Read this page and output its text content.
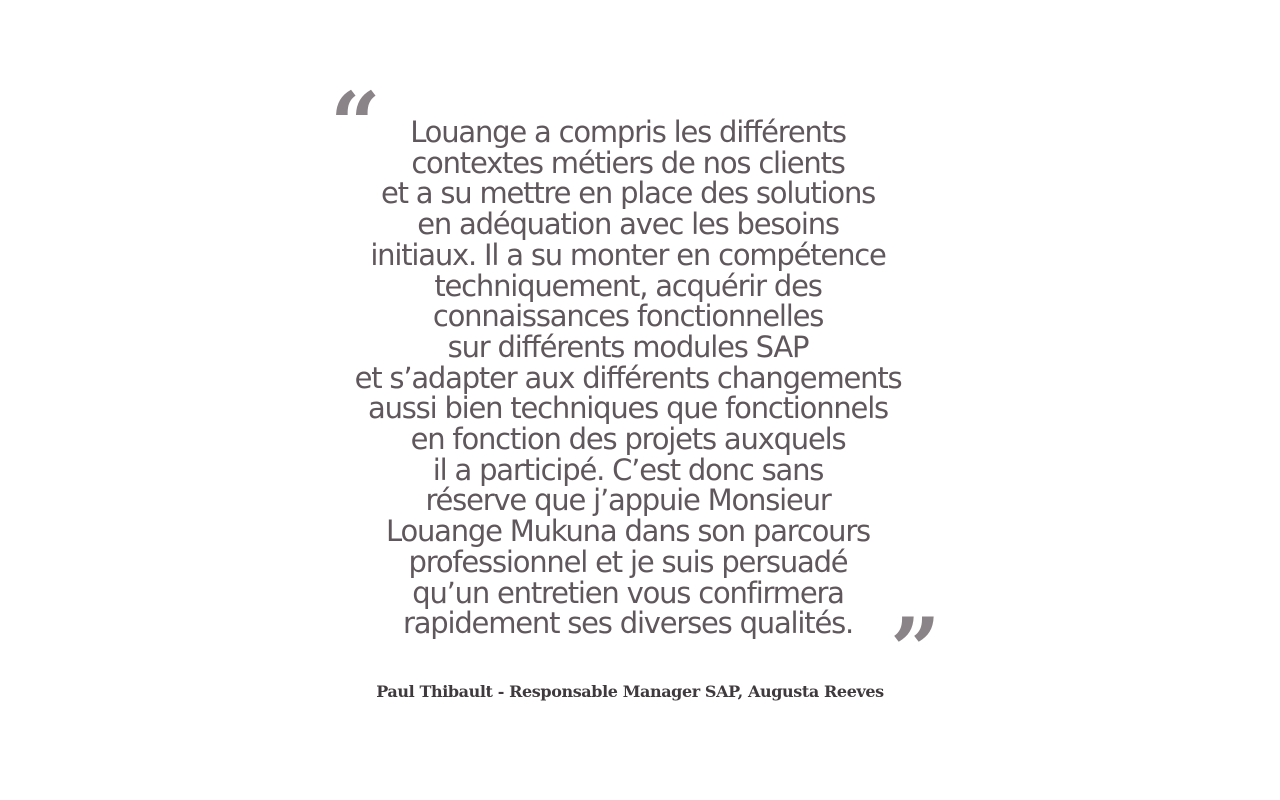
“	Louange a compris les différents
contextes métiers de nos clients
et a su mettre en place des solutions
en adéquation avec les besoins
initiaux. Il a su monter en compétence
techniquement, acquérir des
connaissances fonctionnelles
sur différents modules SAP
et s’adapter aux différents changements
aussi bien techniques que fonctionnels
en fonction des projets auxquels
il a participé. C’est donc sans
réserve que j’appuie Monsieur
Louange Mukuna dans son parcours
professionnel et je suis persuadé
qu’un entretien vous confirmera
rapidement ses diverses qualités. ”
Paul Thibault - Responsable Manager SAP, Augusta Reeves
